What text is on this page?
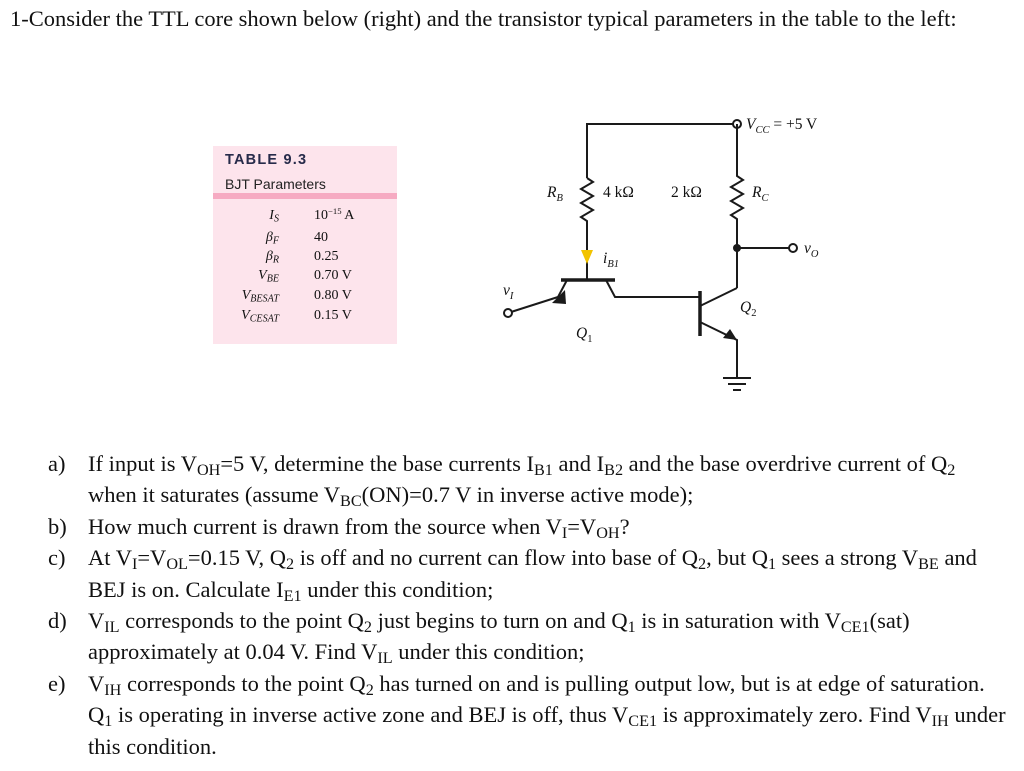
1-Consider the TTL core shown below (right) and the transistor typical parameters in the table to the left:

TABLE 9.3
BJT Parameters
$I_S$	$10^{-15}$ A
$\beta_F$	40
$\beta_R$	0.25
$V_{BE}$	0.70 V
$V_{BESAT}$	0.80 V
$V_{CESAT}$	0.15 V
$V_{CC} = +5$ V
$R_B$	4 kΩ 2 kΩ	$R_C$
$i_{B1}$
$v_I$
$v_O$
$Q_1$
$Q_2$
a) If input is $V_{OH}=5$ V, determine the base currents $I_{B1}$ and $I_{B2}$ and the base overdrive current of $Q_2$ when it saturates (assume $V_{BC}(ON)=0.7$ V in inverse active mode);
b) How much current is drawn from the source when $V_I=V_{OH}$?
c) At $V_I=V_{OL}=0.15$ V, $Q_2$ is off and no current can flow into base of $Q_2$, but $Q_1$ sees a strong $V_{BE}$ and BEJ is on. Calculate $I_{E1}$ under this condition;
d) $V_{IL}$ corresponds to the point $Q_2$ just begins to turn on and $Q_1$ is in saturation with $V_{CE1}(sat)$ approximately at 0.04 V. Find $V_{IL}$ under this condition;
e) $V_{IH}$ corresponds to the point $Q_2$ has turned on and is pulling output low, but is at edge of saturation. $Q_1$ is operating in inverse active zone and BEJ is off, thus $V_{CE1}$ is approximately zero. Find $V_{IH}$ under this condition.
